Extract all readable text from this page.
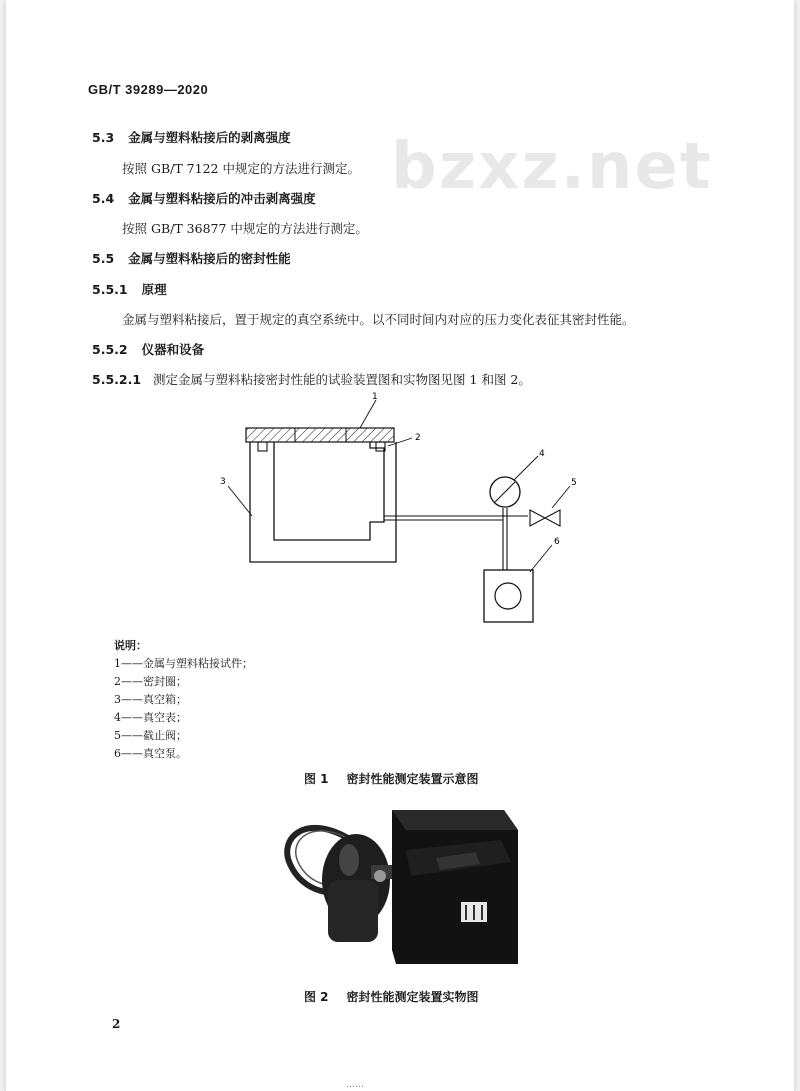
GB/T 39289—2020
bzxz.net
5.3 金属与塑料粘接后的剥离强度
按照 GB/T 7122 中规定的方法进行测定。
5.4 金属与塑料粘接后的冲击剥离强度
按照 GB/T 36877 中规定的方法进行测定。
5.5 金属与塑料粘接后的密封性能
5.5.1 原理
金属与塑料粘接后，置于规定的真空系统中。以不同时间内对应的压力变化表征其密封性能。
5.5.2 仪器和设备
5.5.2.1 测定金属与塑料粘接密封性能的试验装置图和实物图见图 1 和图 2。
1
2
3
4
5
6
说明：
1——金属与塑料粘接试件；
2——密封圈；
3——真空箱；
4——真空表；
5——截止阀；
6——真空泵。
图 1 密封性能测定装置示意图
图 2 密封性能测定装置实物图
2
……
